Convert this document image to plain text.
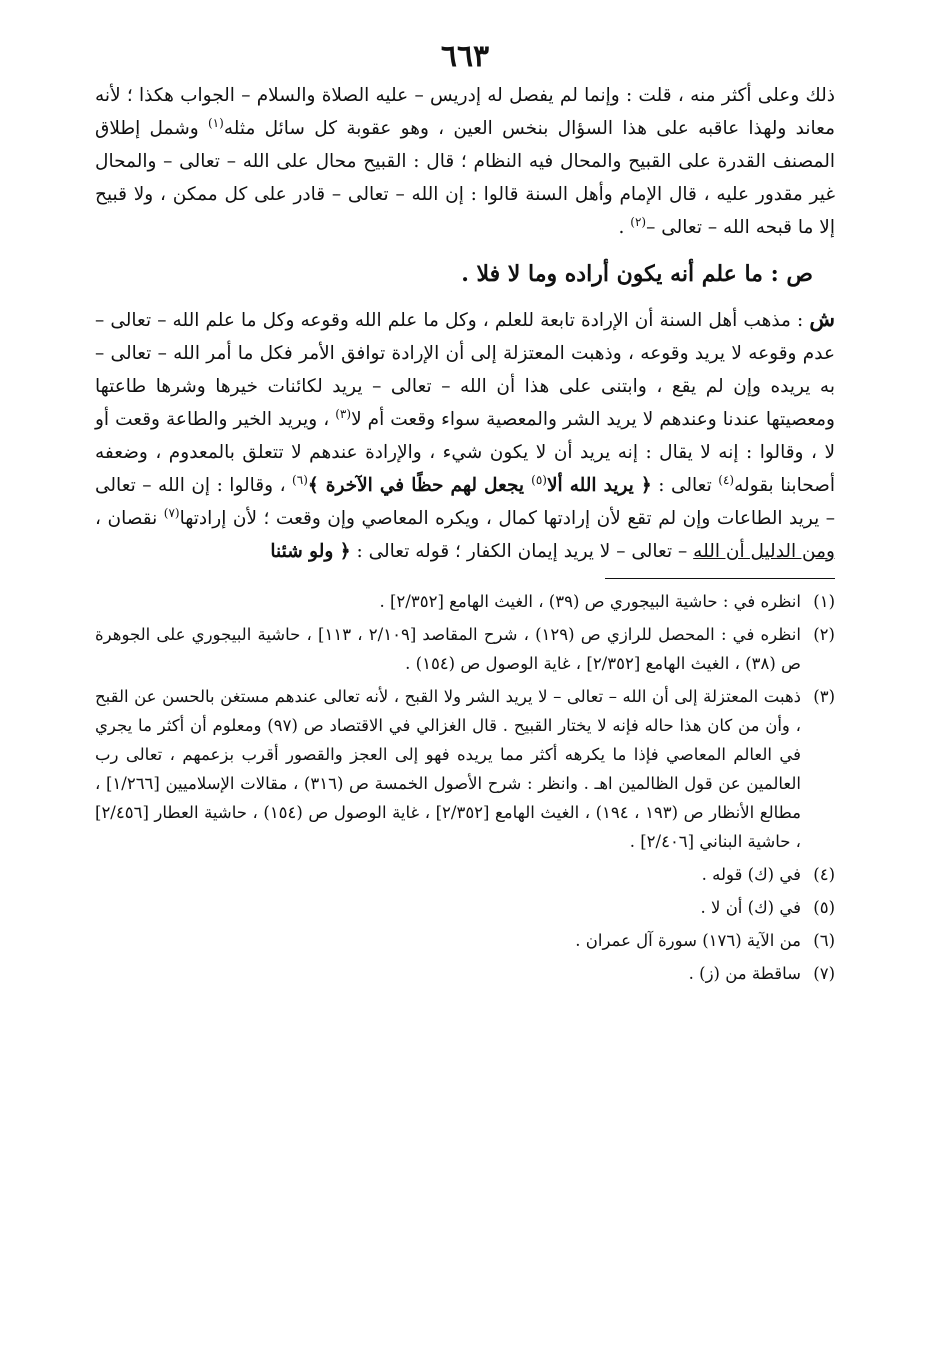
٦٦٣

ذلك وعلى أكثر منه ، قلت : وإنما لم يفصل له إدريس – عليه الصلاة والسلام – الجواب هكذا ؛ لأنه معاند ولهذا عاقبه على هذا السؤال بنخس العين ، وهو عقوبة كل سائل مثله$^{(١)}$ وشمل إطلاق المصنف القدرة على القبيح والمحال فيه النظام ؛ قال : القبيح محال على الله – تعالى – والمحال غير مقدور عليه ، قال الإمام وأهل السنة قالوا : إن الله – تعالى – قادر على كل ممكن ، ولا قبيح إلا ما قبحه الله – تعالى –$^{(٢)}$ .

ص : ما علم أنه يكون أراده وما لا فلا .

ش : مذهب أهل السنة أن الإرادة تابعة للعلم ، وكل ما علم الله وقوعه وكل ما علم الله – تعالى – عدم وقوعه لا يريد وقوعه ، وذهبت المعتزلة إلى أن الإرادة توافق الأمر فكل ما أمر الله – تعالى – به يريده وإن لم يقع ، وابتنى على هذا أن الله – تعالى – يريد لكائنات خيرها وشرها طاعتها ومعصيتها عندنا وعندهم لا يريد الشر والمعصية سواء وقعت أم لا$^{(٣)}$ ، ويريد الخير والطاعة وقعت أو لا ، وقالوا : إنه لا يقال : إنه يريد أن لا يكون شيء ، والإرادة عندهم لا تتعلق بالمعدوم ، وضعفه أصحابنا بقوله$^{(٤)}$ تعالى : ﴿ يريد الله ألا$^{(٥)}$ يجعل لهم حظًا في الآخرة ﴾$^{(٦)}$ ، وقالوا : إن الله – تعالى – يريد الطاعات وإن لم تقع لأن إرادتها كمال ، ويكره المعاصي وإن وقعت ؛ لأن إرادتها$^{(٧)}$ نقصان ، ومن الدليل أن الله – تعالى – لا يريد إيمان الكفار ؛ قوله تعالى : ﴿ ولو شئنا

(١)انظره في : حاشية البيجوري ص (٣٩) ، الغيث الهامع [٢/٣٥٢] .
(٢)انظره في : المحصل للرازي ص (١٢٩) ، شرح المقاصد [٢/١٠٩ ، ١١٣] ، حاشية البيجوري على الجوهرة ص (٣٨) ، الغيث الهامع [٢/٣٥٢] ، غاية الوصول ص (١٥٤) .
(٣)ذهبت المعتزلة إلى أن الله – تعالى – لا يريد الشر ولا القبح ، لأنه تعالى عندهم مستغن بالحسن عن القبح ، وأن من كان هذا حاله فإنه لا يختار القبيح . قال الغزالي في الاقتصاد ص (٩٧) ومعلوم أن أكثر ما يجري في العالم المعاصي فإذا ما يكرهه أكثر مما يريده فهو إلى العجز والقصور أقرب بزعمهم ، تعالى رب العالمين عن قول الظالمين اهـ . وانظر : شرح الأصول الخمسة ص (٣١٦) ، مقالات الإسلاميين [١/٢٦٦] ، مطالع الأنظار ص (١٩٣ ، ١٩٤) ، الغيث الهامع [٢/٣٥٢] ، غاية الوصول ص (١٥٤) ، حاشية العطار [٢/٤٥٦] ، حاشية البناني [٢/٤٠٦] .
(٤)في (ك) قوله .
(٥)في (ك) أن لا .
(٦)من الآية (١٧٦) سورة آل عمران .
(٧)ساقطة من (ز) .
